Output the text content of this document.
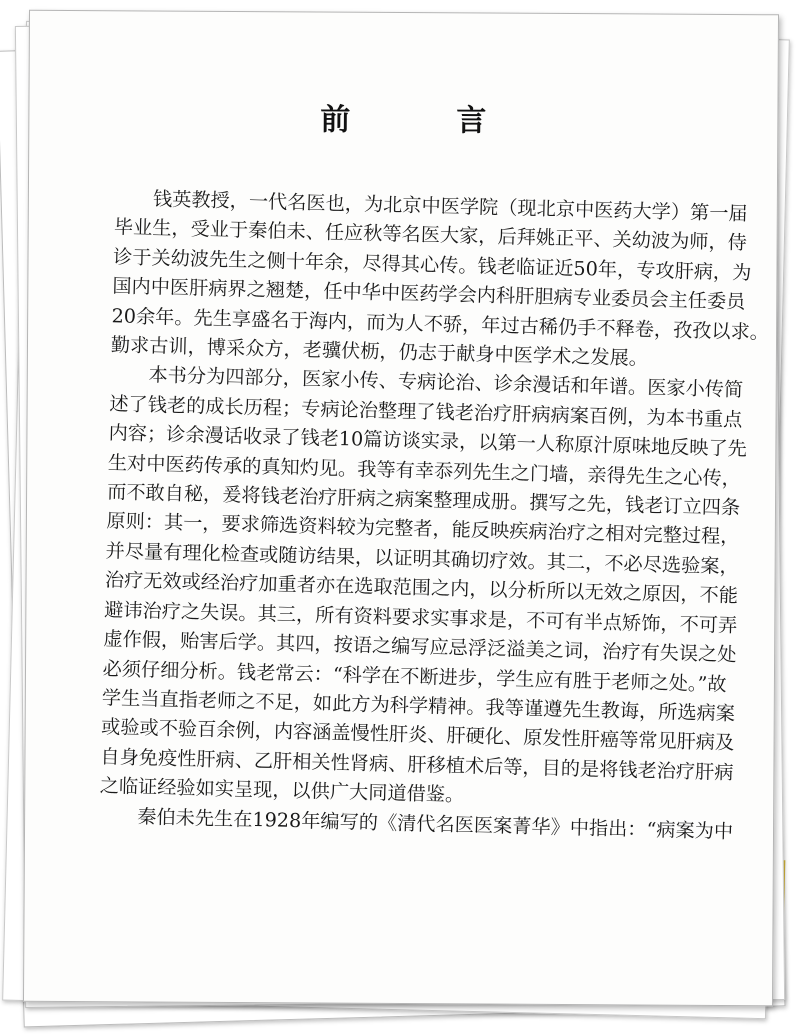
前　言
钱英教授，一代名医也，为北京中医学院（现北京中医药大学）第一届
毕业生，受业于秦伯未、任应秋等名医大家，后拜姚正平、关幼波为师，侍
诊于关幼波先生之侧十年余，尽得其心传。钱老临证近50年，专攻肝病，为
国内中医肝病界之翘楚，任中华中医药学会内科肝胆病专业委员会主任委员
20余年。先生享盛名于海内，而为人不骄，年过古稀仍手不释卷，孜孜以求。
勤求古训，博采众方，老骥伏枥，仍志于献身中医学术之发展。
本书分为四部分，医家小传、专病论治、诊余漫话和年谱。医家小传简
述了钱老的成长历程；专病论治整理了钱老治疗肝病病案百例，为本书重点
内容；诊余漫话收录了钱老10篇访谈实录，以第一人称原汁原味地反映了先
生对中医药传承的真知灼见。我等有幸忝列先生之门墙，亲得先生之心传，
而不敢自秘，爰将钱老治疗肝病之病案整理成册。撰写之先，钱老订立四条
原则：其一，要求筛选资料较为完整者，能反映疾病治疗之相对完整过程，
并尽量有理化检查或随访结果，以证明其确切疗效。其二，不必尽选验案，
治疗无效或经治疗加重者亦在选取范围之内，以分析所以无效之原因，不能
避讳治疗之失误。其三，所有资料要求实事求是，不可有半点矫饰，不可弄
虚作假，贻害后学。其四，按语之编写应忌浮泛溢美之词，治疗有失误之处
必须仔细分析。钱老常云：“科学在不断进步，学生应有胜于老师之处。”故
学生当直指老师之不足，如此方为科学精神。我等谨遵先生教诲，所选病案
或验或不验百余例，内容涵盖慢性肝炎、肝硬化、原发性肝癌等常见肝病及
自身免疫性肝病、乙肝相关性肾病、肝移植术后等，目的是将钱老治疗肝病
之临证经验如实呈现，以供广大同道借鉴。
秦伯未先生在1928年编写的《清代名医医案菁华》中指出：“病案为中
